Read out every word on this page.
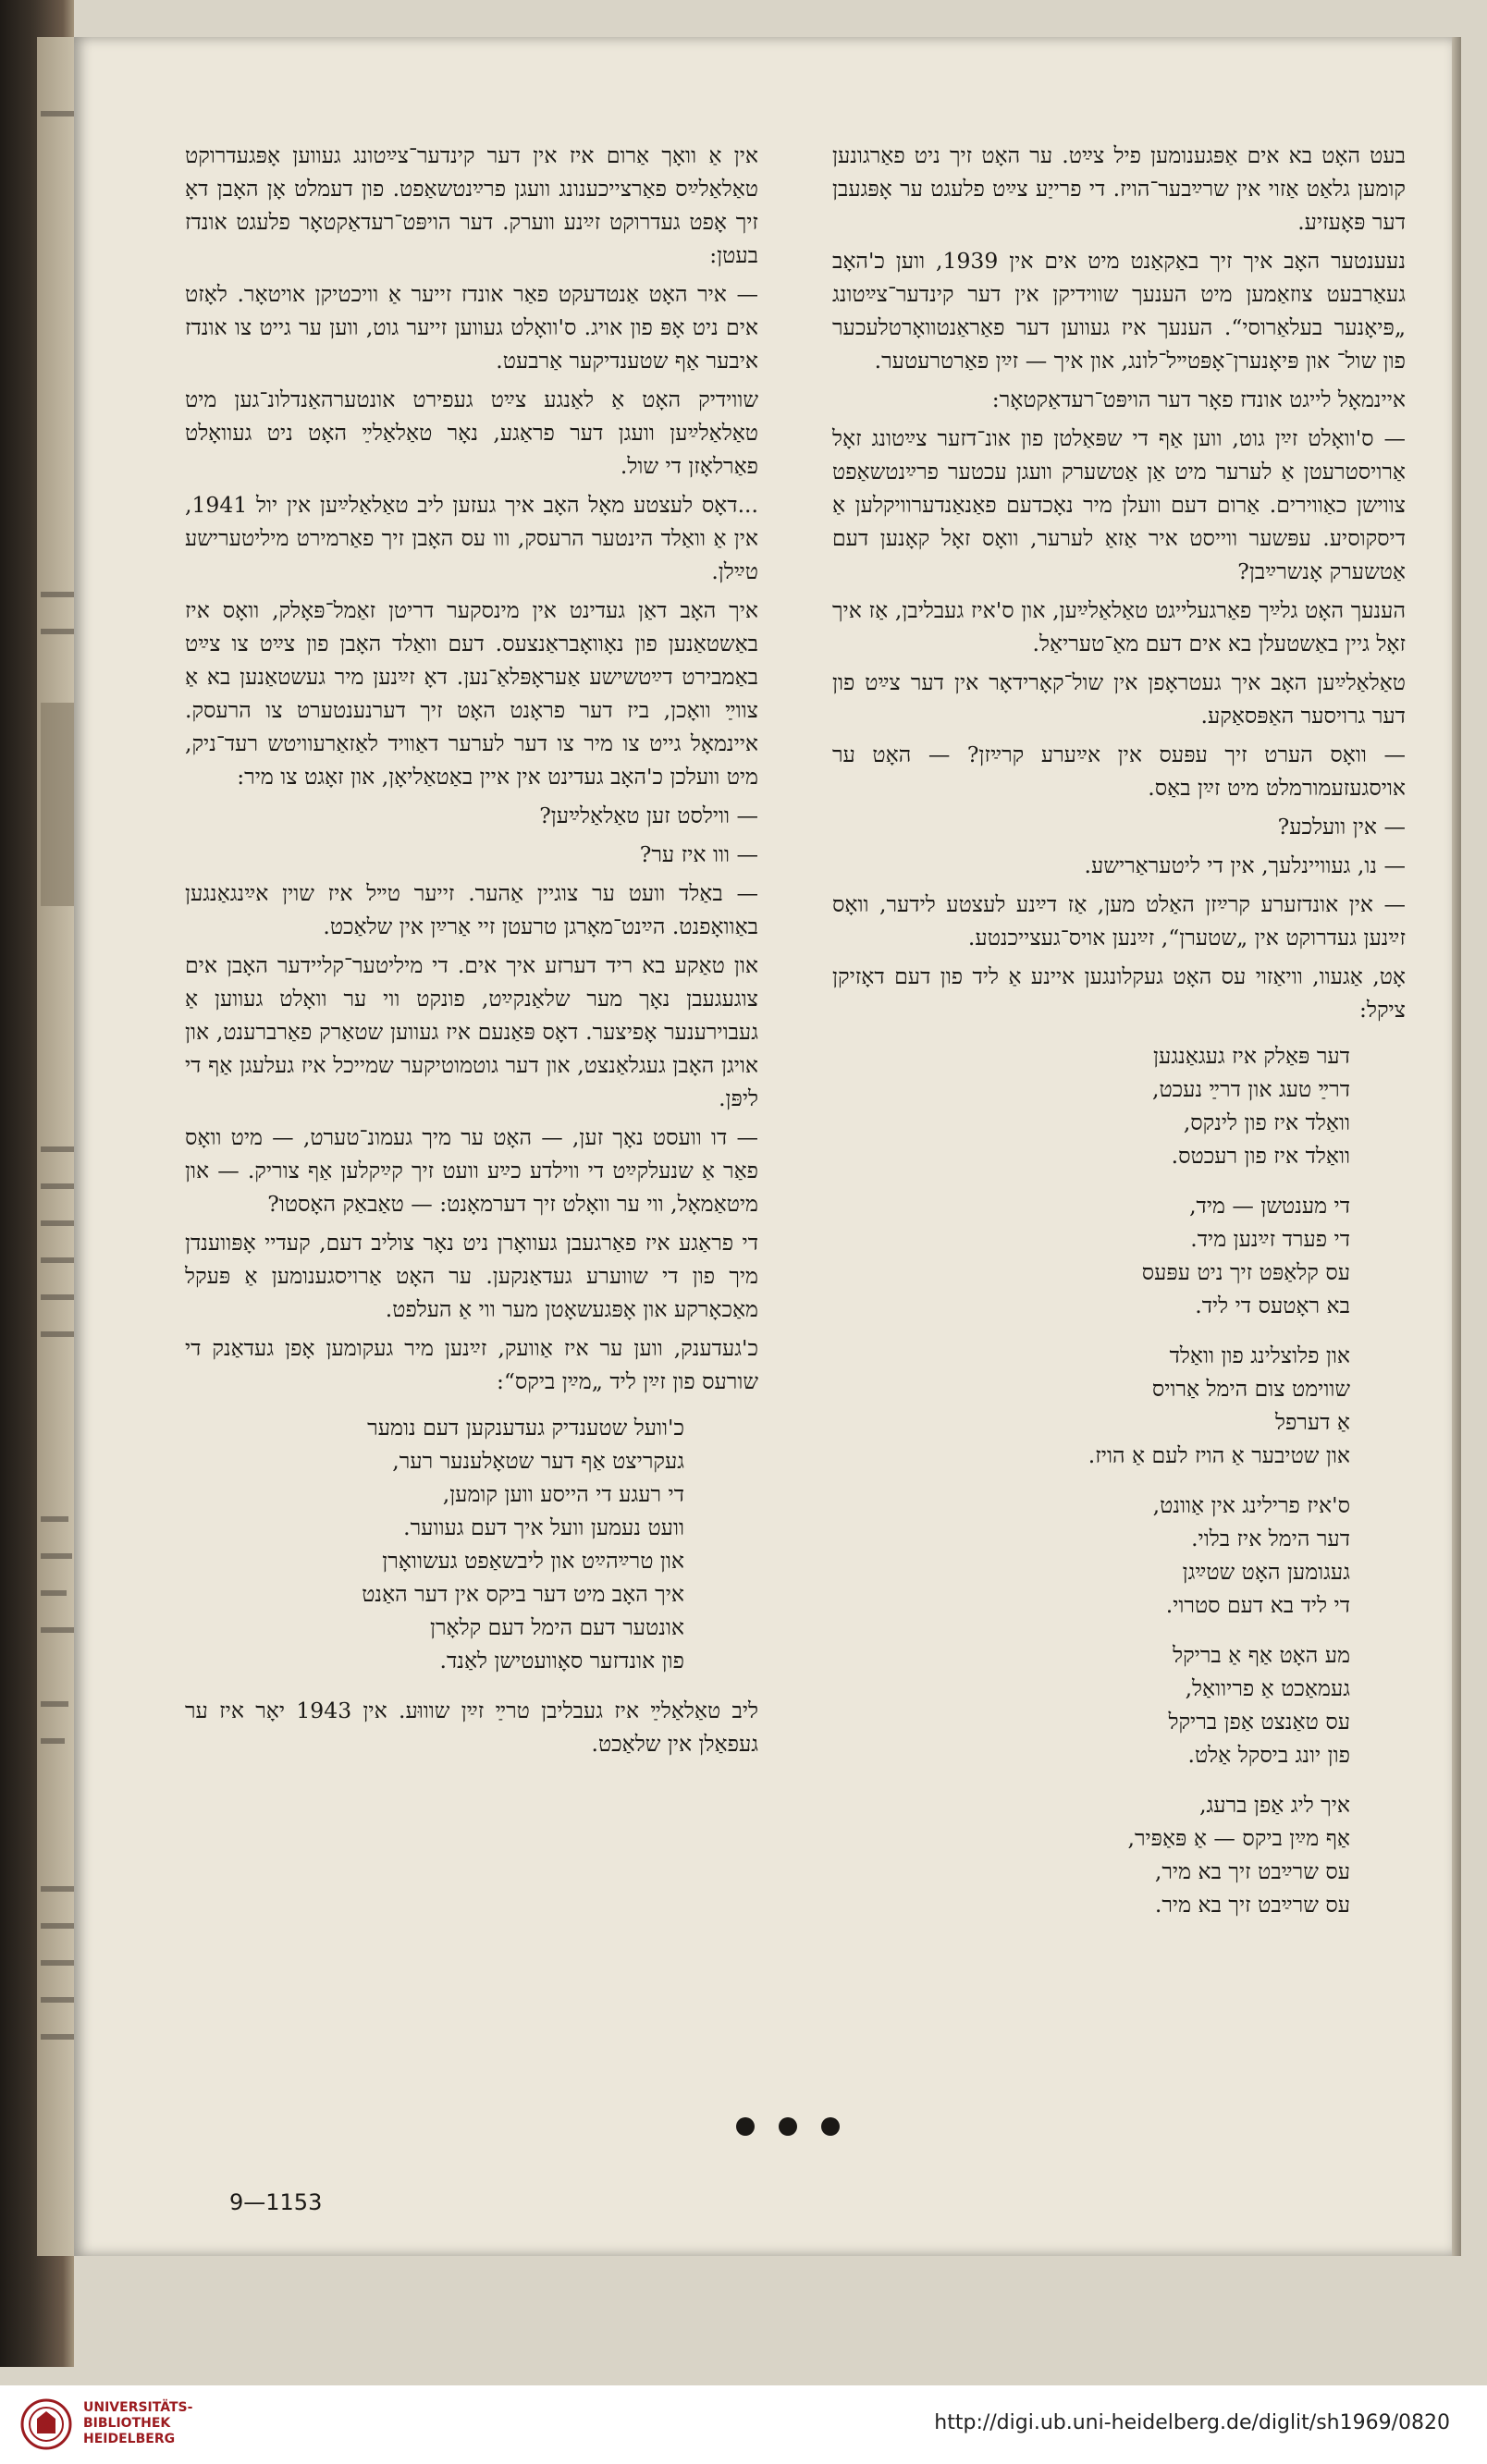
בעט האָט בא אים אַפּגענומען פיל צײַט. ער האָט זיך ניט פאַרגונען קומען גלאַט אַזוי אין שרײַבער־הויז. די פרייַע צײַט פלעגט ער אָפּגעבן דער פּאָעזיע.

נעענטער האָב איך זיך באַקאַנט מיט אים אין 1939, ווען כ'האָב געאַרבעט צוזאַמען מיט הענעך שווידיקן אין דער קינדער־צײַטונג „פּיאָנער בעלאַרוסי“. הענעך איז געווען דער פאַראַנטוואָרטלעכער פון שול־ און פּיאָנערן־אָפּטײל־לונג, און איך — זײַן פאַרטרעטער.

איינמאָל לייגט אונדז פאָר דער הויפּט־רעדאַקטאָר:

— ס'וואָלט זײַן גוט, ווען אַף די שפּאַלטן פון אונ־דזער צײַטונג זאָל אַרויסטרעטן אַ לערער מיט אַן אַטשערק וועגן עכטער פרײַנטשאַפט צווישן כאַווירים. אַרום דעם וועלן מיר נאָכדעם פאַנאַנדערוויקלען אַ דיסקוסיע. עפּשער ווייסט איר אַזאַ לערער, וואָס זאָל קאָנען דעם אַטשערק אָנשרײַבן?

הענעך האָט גלײַך פאַרגעלייגט טאַלאַלײַען, און ס'איז געבליבן, אַז איך זאָל גיין באַשטעלן בא אים דעם מאַ־טעריאַל.

טאַלאַלײַען האָב איך געטראָפן אין שול־קאָרידאָר אין דער צײַט פון דער גרויסער האַפּסאַקע.

— וואָס הערט זיך עפּעס אין אײַערע קרײַזן? — האָט ער אויסגעזעמורמלט מיט זײַן באַס.

— אין וועלכע?

— נו, געוויינלעך, אין די ליטעראַרישע.

— אין אונדזערע קרײַזן האַלט מען, אַז דײַנע לעצטע לידער, וואָס זײַנען געדרוקט אין „שטערן“, זײַנען אויס־געצייכנטע.

אָט, אַגעוו, וויאַזוי עס האָט געקלונגען איינע אַ ליד פון דעם דאָזיקן ציקל:

דער פּאַלק איז געגאַנגען
דרײַ טעג און דרײַ נעכט,
וואַלד איז פון לינקס,
וואַלד איז פון רעכטס.
די מענטשן — מיד,
די פערד זײַנען מיד.
עס קלאַפּט זיך ניט עפּעס
בא ראָטעס די ליד.
און פלוצלינג פון וואַלד
שווימט צום הימל אַרויס
אַ דערפל
און שטיבער אַ הויז לעם אַ הויז.
ס'איז פרילינג אין אַוונט,
דער הימל איז בלוי.
געגומען האָט שטײַגן
די ליד בא דעם סטרוי.
מע האָט אַף אַ בריקל
געמאַכט אַ פריוואַל,
עס טאַנצט אַפן בריקל
פון יונג ביסקל אַלט.
איך ליג אַפן ברעג,
אַף מײַן ביקס — אַ פּאַפּיר,
עס שרײַבט זיך בא מיר,
עס שרײַבט זיך בא מיר.

אין אַ וואָך אַרום איז אין דער קינדער־צײַטונג געווען אָפּגעדרוקט טאַלאַלײַס פאַרצייכענונג וועגן פרײַנטשאַפט. פון דעמלט אָן האָבן דאָ זיך אָפט געדרוקט זײַנע ווערק. דער הויפּט־רעדאַקטאָר פלעגט אונדז בעטן:

— איר האָט אַנטדעקט פאַר אונדז זייער אַ וויכטיקן אויטאָר. לאָזט אים ניט אָפּ פון אויג. ס'וואָלט געווען זייער גוט, ווען ער גייט צו אונדז איבער אַף שטענדיקער אַרבעט.

שווידיק האָט אַ לאַנגע צײַט געפירט אונטערהאַנדלונ־גען מיט טאַלאַלײַען וועגן דער פראַגע, נאָר טאַלאַלײַ האָט ניט געוואָלט פאַרלאָזן די שול.

...דאָס לעצטע מאָל האָב איך געזען ליב טאַלאַלײַען אין יול 1941, אין אַ וואַלד הינטער הרעסק, ווו עס האָבן זיך פאַרמירט מיליטערישע טײַלן.

איך האָב דאַן געדינט אין מינסקער דריטן זאַמל־פּאָלק, וואָס איז באַשטאַנען פון נאָוואָבראַנצעס. דעם וואַלד האָבן פון צײַט צו צײַט באַמבירט דײַטשישע אַעראָפּלאַ־נען. דאָ זײַנען מיר געשטאַנען בא אַ צווײַ וואָכן, ביז דער פראָנט האָט זיך דערנענטערט צו הרעסק. איינמאָל גייט צו מיר צו דער לערער דאַוויד לאַזאַרעוויטש רעד־ניק, מיט וועלכן כ'האָב געדינט אין איין באַטאַליאָן, און זאָגט צו מיר:

— ווילסט זען טאַלאַלײַען?

— ווו איז ער?

— באַלד וועט ער צוגיין אַהער. זייער טײל איז שוין אײַנגאַנגען באַוואָפנט. הײַנט־מאָרגן טרעטן זיי אַרײַן אין שלאַכט.

און טאַקע בא ריד דערזע איך אים. די מיליטער־קליידער האָבן אים צוגעגעבן נאָך מער שלאַנקײַט, פונקט ווי ער וואָלט געווען אַ געבוירענער אָפיצער. דאָס פּאַנעם איז געווען שטאַרק פאַרברענט, און אויגן האָבן געגלאַנצט, און דער גוטמוטיקער שמייכל איז געלעגן אַף די ליפּן.

— דו וועסט נאָך זען, — האָט ער מיך געמונ־טערט, — מיט וואָס פאַר אַ שנעלקײַט די ווילדע כײַע וועט זיך קײַקלען אַף צוריק. — און מיטאַמאָל, ווי ער וואָלט זיך דערמאָנט: — טאַבאַק האָסטו?

די פראַגע איז פאַרגעבן געוואָרן ניט נאָר צוליב דעם, קעדיי אָפּווענדן מיך פון די שווערע געדאַנקען. ער האָט אַרויסגענומען אַ פּעקל מאַכאָרקע און אָפּגעשאָטן מער ווי אַ העלפט.

כ'געדענק, ווען ער איז אַוועק, זײַנען מיר געקומען אָפן געדאַנק די שורעס פון זײַן ליד „מײַן ביקס“:

כ'וועל שטענדיק געדענקען דעם נומער
געקריצט אַף דער שטאָלענער רער,
די רעגע די הייסע ווען קומען,
וועט נעמען וועל איך דעם געווער.
און טרײַהײַט און ליבשאַפט געשוואָרן
איך האָב מיט דער ביקס אין דער האַנט
אונטער דעם הימל דעם קלאָרן
פון אונדזער סאָוועטישן לאַנד.

ליב טאַלאַלײַ איז געבליבן טרײַ זײַן שוווּע. אין 1943 יאָר איז ער געפאַלן אין שלאַכט.

9—1153
UNIVERSITÄTS-
BIBLIOTHEK
HEIDELBERG
http://digi.ub.uni-heidelberg.de/diglit/sh1969/0820
